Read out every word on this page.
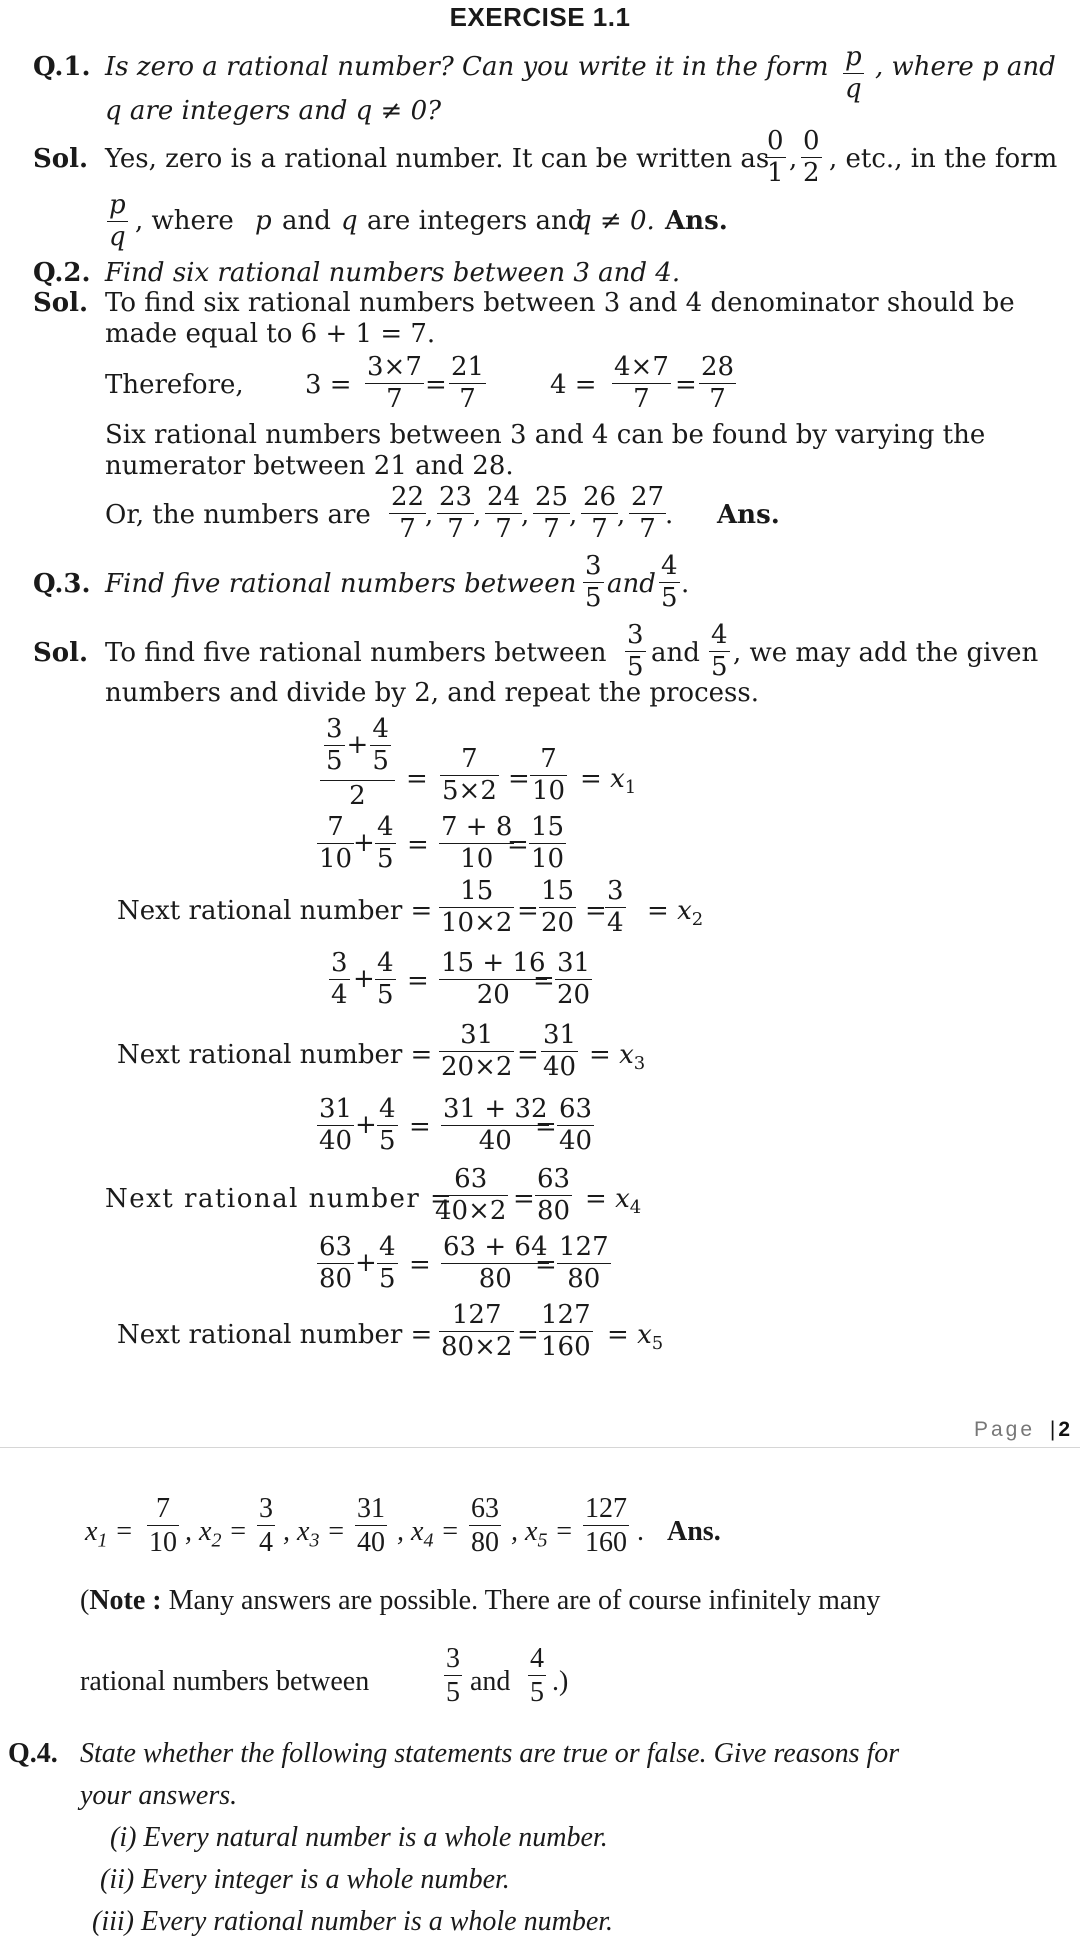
EXERCISE 1.1
Q.1. Is zero a rational number? Can you write it in the form $\frac{p}{q}$ , where p and
q are integers and q ≠ 0?
Sol. Yes, zero is a rational number. It can be written as
$\frac{0}{1}$ , $\frac{0}{2}$ , etc., in the form
$\frac{p}{q}$ , where p and q are integers and
q ≠ 0. Ans.
Q.2. Find six rational numbers between 3 and 4.
Sol. To find six rational numbers between 3 and 4 denominator should be
made equal to 6 + 1 = 7.
Therefore, $3 = \frac{3\times 7}{7} = \frac{21}{7} 4 = \frac{4\times 7}{7} = \frac{28}{7}$
Six rational numbers between 3 and 4 can be found by varying the
numerator between 21 and 28.
Or, the numbers are $\frac{22}{7}$
, $\frac{23}{7}$
, $\frac{24}{7}$
, $\frac{25}{7}$
, $\frac{26}{7}$
, $\frac{27}{7}$
. Ans.
Q.3. Find five rational numbers between $\frac{3}{5}$ and $\frac{4}{5}$ .
Sol. To find five rational numbers between $\frac{3}{5}$ and $\frac{4}{5}$ , we may add the given
numbers and divide by 2, and repeat the process.
$\frac{\frac{3}{5} + \frac{4}{5}}{2} = \frac{7}{5\times 2} = \frac{7}{10} = x_1$
$\frac{7}{10}$
+ $\frac{4}{5} = \frac{7 + 8}{10}$
= $\frac{15}{10}$
Next rational number = $\frac{15}{10\times 2} = \frac{15}{20}$ =
$\frac{3}{4} = x_2$
$\frac{3}{4} + \frac{4}{5} = \frac{15 + 16}{20}$
= $\frac{31}{20}$
Next rational number = $\frac{31}{20\times 2} = \frac{31}{40} = x_3$
$\frac{31}{40} + \frac{4}{5} = \frac{31 + 32}{40}$
= $\frac{63}{40}$
Next rational number =
$\frac{63}{40\times 2} = \frac{63}{80} = x_4$
$\frac{63}{80} + \frac{4}{5} = \frac{63 + 64}{80}$
= $\frac{127}{80}$
Next rational number = $\frac{127}{80\times 2} = \frac{127}{160} = x_5$
Page |2
$x_1 = \frac{7}{10}$ , $x_2 = \frac{3}{4}$ , $x_3 = \frac{31}{40}$ , $x_4 = \frac{63}{80}$ , $x_5 = \frac{127}{160}$ . Ans.
(Note : Many answers are possible. There are of course infinitely many
rational numbers between	$\frac{3}{5}$ and $\frac{4}{5}$ .)
Q.4. State whether the following statements are true or false. Give reasons for
your answers.
(i) Every natural number is a whole number.
(ii) Every integer is a whole number.
(iii) Every rational number is a whole number.
